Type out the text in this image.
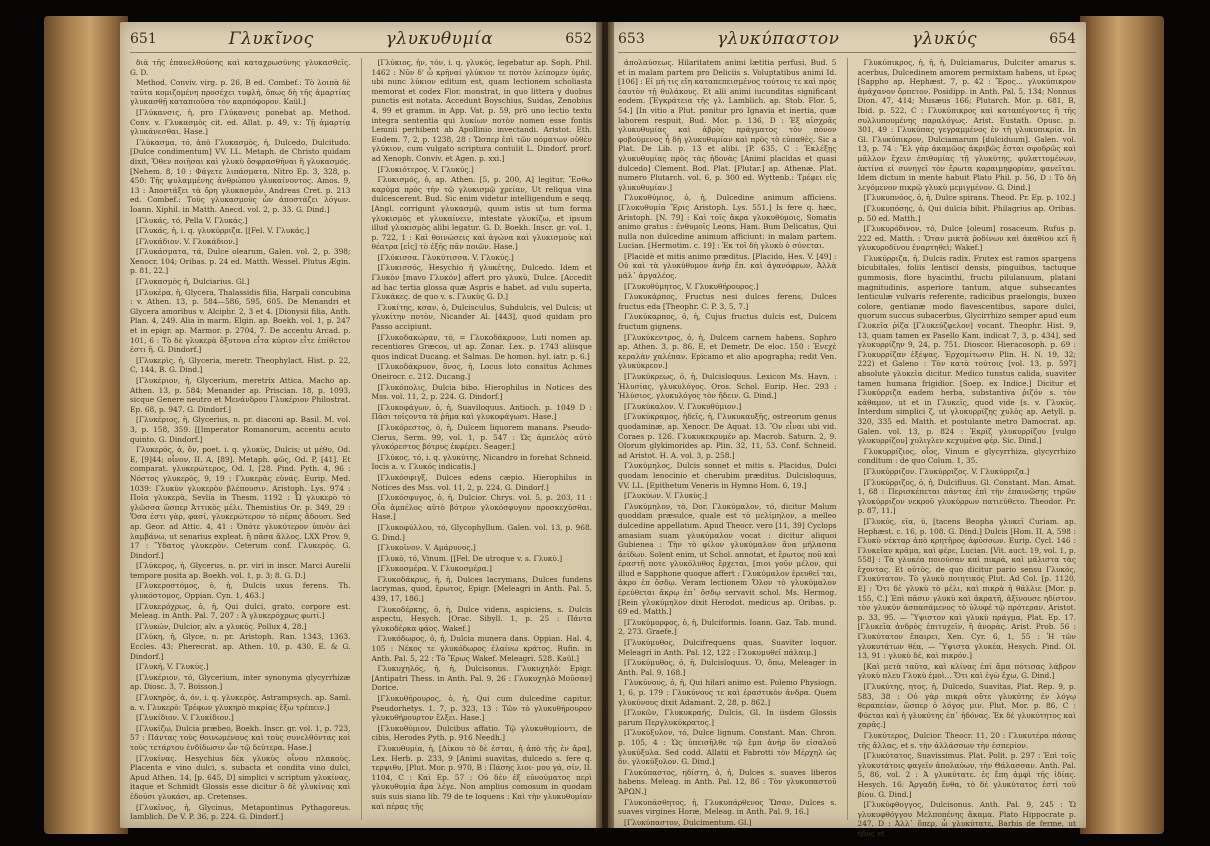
651	Γλυκῖνος	γλυκυθυμία	652

διὰ τῆς ἐπανελθούσης καὶ καταχρωσύνης γλυκασθεῖς. G. D.

Method. Conviv. virg. p. 26, B ed. Combef.: Τὸ λοιπὰ δὲ ταῦτα κομιζομένη προσέχει τυφλή, ὅπως δὴ τῆς ἁμαρτίας γλυκασθῇ καταπιοῦσα τὸν καρπόφορον. Kaül.]

[Γλύκανσις, ἡ, pro Γλύκανσις ponebat ap. Method. Conv. v. Γλυκασμὸς cit. ed. Allat. p. 49, v.: Τῇ ἁμαρτίᾳ γλυκάνεσθαι. Hase.]

Γλύκασμα, τό, ἀπὸ Γλυκασμὸς, ἡ, Dulcedo, Dulcitudo. [Dulce condimentum] VV. LL. Metaph. de Christo quidam dixit, Ὅθεν ποιῆσαι καὶ γλυκὺ ὄσφρασθῆναι ἢ γλυκασμός. [Nehem. 8, 10 : Φάγετε λιπάσματα. Nitro Ep. 3, 328, p. 450: Τῆς ψυλαμμένης ἁνθρώπου γλυκαίνοντος. Amos. 9, 13 : Ἀποστάξει τὰ ὄρη γλυκασμόν. Andreas Cret. p. 213 ed. Combef.: Τοὺς γλυκασμοὺς ὧν ἀποστάζει λόγων. Ioann. Xiphil. in Matth. Anecd. vol. 2, p. 33. G. Dind.]

[Γλυκάς, τό, Pella V. Γλυκάς.]

[Γλυκάς, ἡ, i. q. γλυκύρριζα. [[Fel. V. Γλυκάς.]

[Γλυκάδιον. V. Γλυκάδιον.]

[Γλυκάσματα, τά, Dulce olearum, Galen. vol. 2, p. 398; Xenocr. 104; Oribas. p. 24 ed. Matth. Wessel. Plutus Ægin. p. 81, 22.]

[Γλυκασμὸς ἡ, Dulciarius. Gl.]

[Γλυκέρα, ἡ, Glycera, Thalassidis filia, Harpali concubina : v. Athen. 13, p. 584—586, 595, 605. De Menandri et Glycera amoribus v. Alciphr. 2, 3 et 4. [Dionysii filia, Anth. Plan. 4, 249. Alia in marm. Elgin. ap. Boekh. vol. 1, p. 247 et in epigr. ap. Marmor. p. 2704, 7. De accentu Arcad. p. 101, 6 : Τὸ δὲ γλυκερὰ ὄξυτονα εἶτα κύριον εἶτε ἐπίθετον ἐστι ἢ. G. Dindorf.]

[Γλυκερὶς, ἡ, Glyceria, meretr. Theophylact. Hist. p. 22, C, 144, B. G. Dind.]

[Γλυκέριον, ἡ, Glycerium, meretrix Attica. Macho ap. Athen. 13, p. 584; Menander ap. Priscian. 18, p. 1093, sicque Genere neutro et Μενάνδρου Γλυκέριον Philostrat. Ep. 68, p. 947. G. Dindorf.]

[Γλυκέριος, ἡ, Glycerius, n. pr. diaconi ap. Basil. M. vol. 3, p. 158, 359. [[Imperator Romanorum, accentu acuto quinto. G. Dindorf.]

Γλυκερὸς, ἁ, ὄν, poet. i. q. γλυκὺς, Dulcis; ut μέθυ, Od. E, [9]44; οἶνον, II. A, [89]. Metaph. φῶς, Od. P, [41]. Et comparat. γλυκερώτερος, Od. I, [28. Pind. Pyth. 4, 96 : Νόστος γλυκερὸς, 9, 19 : Γλυκερὰς εὐνάς. Eurip. Med. 1039: Γλυκὺν γλυκερὸν βλέπουσιν. Aristoph. Lys. 974 : Ποῖα γλυκερὰ, Sevlia in Thesm. 1192 : Ὦ γλυκερὸ τὸ γλῶσσα ὥσπερ Ἀττικὸς μέλι. Themistius Or. p. 349, 29 : Ὅσα ἐστι γὰρ, φασί, γλυκερώτερον τὸ πέρας ἄδουσι. Sed ap. Geor. ad Attic. 4, 41 : Ὁπότε γλυκύτερον ὑπνὸν ἀεὶ λαμβάνω, ut senarius expleat. ἢ πᾶσα ἄλλος. LXX Prov. 9, 17 : Ὕδατος γλυκερὸν. Ceterum conf. Γλυκερὸς. G. Dindorf.]

[Γλύκερος, ἡ, Glycerus, n. pr. viri in inscr. Marci Aurelii tempore posita ap. Boekh. vol. 1, p. 3; 8. G. D.]

[Γλυκεροστόμος, ὁ, ἡ, Dulcis uxus ferens. Th. γλυκόστομος, Oppian. Cyn. 1, 463.]

[Γλυκερόχρως, ὁ, ἡ, Qui dulci, grato, corpore est. Meleag. in Anth. Pal. 7, 207 : Ἀ γλυκερόχρως φωτί.]

[Γλυκών, Dulcior, alv. a γλυκύς. Pollux 4, 28.]

[Γλύκη, ἡ, Glyce, n. pr. Aristoph. Ran. 1343, 1363. Eccles. 43; Pherecrat. ap. Athen. 10, p. 430, E. & G. Dindorf.]

[Γλυκή, V. Γλυκύς.]

[Γλυκέριον, τό, Glycerium, inter synonyma glycyrrhizæ ap. Diosc. 3, 7. Boisson.]

[Γλυκηρὸς, ἁ, όν, i. q. γλυκερὸς. Astrampsych. ap. Saml. a. v. Γλυκερὸ: Τρέφων γλυκηρὸ πικρίας ἔξω τρέπειν.]

[Γλυκίδιον. V. Γλυκίδιον.]

[Γλυκίζω, Dulcia præbeo, Boekh. Inscr. gr. vol. 1, p. 723, 57 : Πάντας τοὺς θοινωμένους καὶ τοὺς συνελθόντας κοὶ τοὺς τετάρτου ἐνδίδωσιν ὧν τῷ δεύτερα. Hase.]

[Γλυκίνας. Hesychius δὲκ γλυκὺς οἶνου πλακοὺς. Placenta e vino dulci, s. subacta et condita vino dulci, Apud Athen. 14, [p. 645, D] simplici v scriptum γλυκίνας, itaque et Schmidt Glossis esse dicitur ὃ δὲ γλυκίνας καὶ ἐδούσι γλυκάσι, ap. Cretenses.

[Γλυκῖνος, ἡ, Glycinus, Metapontinus Pythagoreus. Iamblich. De V. P. 36, p. 224. G. Dindorf.]

[Γλύκιος, ἡν, τόν, i. q. γλυκύς, legebatur ap. Soph. Phil. 1462 : Νῦν δ' ὦ κρῆναί γλύκιον τε ποτὸν λείπομεν ὑμᾶς, ubi nunc λύκιον editum est, quam lectionem scholiasta memorat et codex Flor. monstrat, in quo littera γ duobus punctis est notata. Accedunt Boyschius, Suidas, Zenobius 4, 99 et gramm. in App. Vat. p. 59, prō uno lectio textu integra sententia qui λυκίων ποτὸν nomen esse fontis Lemnii perhibent ab Apollinio invectandi. Aristot. Eth. Eudem. 7, 2, p. 1238, 28 : Ὥσπερ ἐπὶ τῶν πόματων οὐθὲν γλύκιον, cum vulgato scriptura contulit L. Dindorf. prorf. ad Xenoph. Conviv. et Agen. p. xxi.]

[Γλυκιότερος. V. Γλυκύς.]

Γλυκισμός, ὁ, ap. Athen. [5, p. 200, A] legitur, Ἔσθω καρύμα πρὸς τὴν τῷ γλυκισμῷ χρείαν, Ut reliqua vina dulcescerent. Bud. Sic enim videtur intelligendum e seqq. [Angl. corrigunt γλυκασμῷ, quum istis ut tum forma γλυκισμὸς et γλυκαίνειν, intestate γλυκίζω, et ipsum illud γλυκισμὸς alibi legatur. G. D. Boekh. Inscr. gr. vol. 1, p. 722, 1 : Καὶ θοινώσεις καὶ ἀγώνα καὶ γλυκισμοὺς καὶ θέατρα [εἰς] τὸ ἑξῆς πᾶν ποιῶν. Hase.]

[Γλύκισσα. Γλυκύτισσα. V. Γλυκύς.]

[Γλυκισσός, Hesychio ἡ γλυκέτης, Dulcedo. Idem et Γλυκὸν [mavo Γλυκόν] affert pro γλυκὺ, Dulce. [Accedit ad hac tertia glossa quæ Aspris e habet. ad vulu superta, Γλυκάκες. de quo v. s. Γλυκὺς G. D.]

Γλυκίτης, κσαν, ὁ, Dulcisculus, Subdulcis, vel Dulcis; ut γλυκίτην ποτὸν, Nicander Al. [443], quod quidam pro Passo accipiunt.

[Γλυκοδακώραν, τό, = Γλυκοδάκρυον, Luti nomen ap. recentiores Græcos, ut ap. Zonar. Lex. p. 1743 aliisque quos indicat Ducang. et Salmas. De homon. hyl. iatr. p. 6.]

[Γλυκοδάκρυον, ὄνος, ἡ, Locus loto consitus Achmes Oneirocr. c. 212. Ducang.]

[Γλυκόπολις, Dulcia bibo. Hierophilus in Notices des Mss. vol. 11, 2, p. 224. G. Dindorf.]

[Γλυκοφάγων, ὁ, ἡ, Suaviloquus. Antioch. p. 1049 D : Πᾶσι τοῖςοντα τὰ ῥῆμα καὶ γλυκοφάγωσι. Hase.]

[Γλυκόρεστος, ὁ, ἡ, Dulcem liquorem manans. Pseudo-Clerus, Serm. 99, vol. 1, p. 547 : Ὡς ἀμπελὸς αὐτὸ γλυκόρεστος βότρυς ἐκφέρει. Seager.]

[Γλύκος, τό, i. q. γλυκύτης, Nicandro in forehat Schneid. Iocis a. v. Γλυκός indicatis.]

[Γλυκόσφιγξ, Dulces edens cæpio. Hierophilus in Notices des Mss. vol. 11, 2, p. 224. G. Dindorf.]

[Γλυκόσφυγος, ὁ, ἡ, Dulcior. Chrys. vol. 5, p. 203, 11 : Οἷα ἀμπέλος αὐτὸ βότρυν γλυκόσφυγον προσκεχύσθαι. Hase.]

[Γλυκοφύλλου, τό, Glycophyllum. Galen. vol. 13, p. 968. G. Dind.]

[Γλυκοῖνον. V. Αμάρυνος.]

[Γλυκὸ, τό, Vinum. [[Fel. De utroque v. s. Γλυκὺ.]

[Γλυκοσμέρα. V. Γλυκοσμέρα.]

Γλυκοδάκρυς, ἡ, ἡ, Dulces lacrymans, Dulces fundens lacrymas, quod, ἔρωτος, Epigr. [Meleagri in Anth. Pal. 5, 439, 17, 186.]

Γλυκοδέρκης, ὁ, ἡ, Dulce videns, aspiciens, s. Dulcis aspectu, Hesych. [Orac. Sibyll. 1, p. 25 : Πάντα γλυκοδέρκα φάος. Wakef.]

Γλυκόδωρος, ὁ, ἡ, Dulcia munera dans. Oppian. Hal. 4, 105 : Νέκος τε γλυκόδωρος ἐλαίνω κράτος. Rufin. in Anth. Pal. 5, 22 : Τὸ Ἔρως Wakef. Meleagri. 528. Kaül.]

Γλυκυχηλός, ἡ, ἡ, Dulcisonus. Γλυκυχηλὸ: Epigr. [Antipatri Thess. in Anth. Pal. 9, 26 : Γλυκυχηλὸ Μοῦσαν] Dorice.

[Γλυκυθήρουρος, ὁ, ἡ, Qui cum dulcedine capitur, Pseudorhetys. 1. 7, p. 323, 13 : Τῶν τὸ γλυκυθήρουρον γλυκυθήρουρτον ἔλξει. Hase.]

[Γλυκυθύμιον, Dulcibus affatio. Τῷ γλυκυθυμίοντι, de cibis, Herodes Pyth. p. 916 Needh.]

Γλυκυθυμία, ἡ, [Δίκου τὸ δὲ ἐσται, ἡ ἀπὸ τῆς ἐν ἄρα], Lex. Herb. p. 233, 9 [Animi suavitas, dulcedo s. fere q. τερψιθυ, [Plut. Mor. p. 970, B : Πάσης λιοι- μου γά, σίν, II. 1104, C : Καὶ Ep. 57 : Οὐ δὲν ἐξ εὐνούματος περὶ γλυκυθυμία ἄρα λέγε. Non amplius comosum in quodam suis suis siano lib. 79 de te loquens : Καὶ τὴν γλυκυθυμίαν καὶ πέρας τῆς

653	γλυκύπαστον	γλυκύς	654

ἀπολαύσεως. Hilaritatem animi lætitia perfusi, Bud. 5 et in malam partem pro Deliciis s. Voluptatibus animi Id. [106] : Εἰ μή τις εἴη καταπεπεισμένος τούτοις τε καὶ πρὸς ἑαυτὸν τῇ θυλάκους. Et alii animi iucunditas significant eodem. [Ἐγκράτεια τῆς γλ. Lamblich. ap. Stob. Flor. 5, 54.] [In vitio a Plut. ponitur pro Ignavia et inertia, quæ laborem respuit, Bud. Mor. p. 136, D : Ἐξ αἰσχρᾶς γλυκυθυμίας καὶ ἀβρὸς πράγματος τὸν πόνον φοβούμενος ἦ δὴ γλυκυθυμίαν καὶ πρὸς τὸ εὐπαθὲς. Sic a Plat. De Lib. p. 13 et alibi. [P. 635, C : Ἐκλέξῃς γλυκυθυμίας πρὸς τὰς ἡδονὰς [Animi placidas et quasi dulcedo] Clement. Bod. Plat. [Plutar.] ap. Athenæ. Plat. numero Plutarch. vol. 6, p. 300 ed. Wyttenb.: Τρέφει εἰς γλυκυθυμίαν.]

Γλυκυθύμιος, ὁ, ἡ, Dulcedine animum afficiens. [Γλυκυθυμία Ἔρις Aristoph. Lys. 551.] Is fere q. hæc, Aristoph. [N. 79] : Καὶ τοῖς ἄκρα γλυκυθύμοις, Somatis animo gratus : ἐνθυμοῖς Leons, Ham. Bum Delicatus, Qui nulla non dulcedine animum afficiunt: in malam partem. Lucian. [Hermotim. c. 19] : Ἐκ τοῖ δὴ γλυκὺ ὁ σύνεται.

[Placidè et mitis animo præditus. [Placido, Hes. V. [49] : Οὐ καὶ τὰ γλυκύθυμον ἀνὴρ ἔπ. καὶ ἀγανόφρων, Ἀλλὰ μάλ᾽ ἀργαλέος.

[Γλυκυθύμητος, V. Γλυκυθήρουρος.]

Γλυκυκάρπος, Fructus nesi dulces ferens, Dulces fructus eda [Theophr. C. P. 3, 5, 7.]

Γλυκύκαρπος, ὁ, ἡ, Cujus fructus dulcis est, Dulcem fructum gignens.

[Γλυκύκεντρος, ὁ, ἡ, Dulcem carnem habens. Sophro ap. Athen. 3, p. 86, E, et Demetr. De eloc. 150 : Ἐνεχὲ κεραλὰν χαλέπαν. Epicamo et alio apographa; redit Ven. γλυκύκρεον.]

[Γλυκύκρεως, ὁ, ἡ, Dulcisloquus. Lexicon Ms. Havn. : Ἠλυσίας, γλυκυλόγος. Oros. Schol. Eurip. Hec. 293 : Ἠλύσιος, γλυκυλόγος τὸν ἤδειν. G. Dind.]

[Γλυκύκαλον. V. Γλυκυθύμιον.]

[Γλυκύκραμος, ἡδεῖς, ἡ, Γλυκυκαυξῆς, ostreorum genus quodaminæ, ap. Xenocr. De Aquat. 13. Ὃν εἶναι ubi vid. Coraes p. 126. Γλυκυκεκρυμέν ap. Macrob. Saturn. 2, 9. Olorum glykimorides ap. Plin. 32, 11, 53. Conf. Schneid. ad Aristot. H. A. vol. 3, p. 258.]

Γλυκύμηλος, Dulcis sonnet et mitis s. Placidus, Dulci quodam lenocinio et cherubim præditus. Dulcisloquus, VV. LL. [Epithetum Veneris in Hymno Hom. 6, 19.]

[Γλυκύων. V. Γλυκὺς.]

Γλυκύμηλον, τὸ, Dor. Γλυκύμαλον, τό, dicitur Malum quoddam præsulce, quale est τὸ μελίμηλον, a melleo dulcedine appellatum. Apud Theocr. vero [11, 39] Cyclops amasiam suam γλυκύμαλον vocat : dicitur aliquoi Gubienea : Τὴν τὸ φίλον γλυκύμαλον ἄνα μήλασπα ἀείδων. Solent enim, ut Schol. annotat, et ἔρωτος ποῦ καὶ ἐραστῆ ποτε γλυκόλυθος ἔρχεται, [πιοι γοῦν μέλον, qui illud e Sapphone quoque affert : Γλυκύμαλον ἐρευθεῖ ται, ἀκρο ἐπ ὄσδῳ. Veram lectionem Ὄλον τὸ γλυκύμαλον ἐρεύθεται ἄκρῳ ἐπ᾽ ὄσδῳ servavit schol. Ms. Hermog. [Rein γλυκύμηλον dixit Herodot. medicus ap. Oribas. p. 69 ed. Matth.]

[Γλυκύμορφος, ὁ, ἡ, Dulciformis. Ioann. Gaz. Tab. mund. 2, 273. Graefe.]

[Γλυκύμυθος, Dulcifrequens quas, Suaviter loquor. Meleagri in Anth. Pal. 12, 122 : Γλυκυμυθεῖ πάλαιμ.]

[Γλυκύμυθος, ὁ, ἡ, Dulcisloquus. Ὁ, ὅπω, Meleager in Anth. Pal. 9, 168.]

Γλυκύνους, ὁ, ἡ, Qui hilari animo est. Polemo Physiogn. 1, 6, p. 179 : Γλυκύνους τε καὶ ἐραστικὸν ἀνδρα. Quem γλυκύνους dixit Adamant. 2, 28, p. 862.]

[Γλυκῶν, Γλυκυκραής, Dulcis, Gl. In iisdem Glossis parum Περγλυκύκρατος.]

[Γλυκύξυλον, τό, Dulce lignum. Constant. Man. Chron. p. 105, 4 : Ὡς ὑπεισῆλθε τῷ ἔμπ ἀνὴρ ὃν εἰσαλοῦ γλυκύξυλα. Sed codd. Allatii et Fabrotti τὸν Μέρχηλ ὡς ὅν. γλυκύξυλον. G. Dind.]

Γλυκύπαστος, ηδίστη, ὁ, ἡ, Dulces s. suaves liberos habens. Meleag. in Anth. Pal. 12, 86 : Τὸν γλυκυπαστοῦ ἍΡΩΝ.]

Γλυκυπάσθητος, ἡ, Γλυκυπάρθενος Ὥσαν, Dulces s. suaves virgines Horæ, Meleag. in Anth. Pal. 9, 16.]

[Γλυκύπαστον, Dulcimentum. Gl.]

Γλυκύπικρος, ἡ, ἡ, ἡ, Dulciamarus, Dulciter amarus s. acerbus, Dulcedinem amorem permixtam habens, ut ἔρως [Sappho ap. Hephæst. 7, p. 42 : Ἔρος... γλυκύπικρον ἀμάχανον ὄρπετον. Posidipp. in Anth. Pal. 5, 134; Nonnus Dion. 47, 414; Musæus 166; Plutarch. Mor. p. 681, B, Ibid. p. 522, C : Γλυκύπικρος καὶ καταπέγοντες ἢ τῆς συλλυπουμένης παραλόγως. Arist. Eustath. Opusc. p. 301, 49 : Γλυκύπας γεγραμμένος ἐν τῆ γλυκυπικρία. In Gl. Γλυκύπικρον, Dulciamarum [dulciduum]. Galen. vol. 13, p. 74 : Ἔλ γὰρ ἀκαμῶος ἀκριβῶς ἔσται σφοδρῶς καὶ μᾶλλον ἔχειν ἐπιθυμίας τῇ γλυκύτης, φυλαττομένων, ἀκτίνα εἰ συνηγεῖ τὸν ἔρωτα καραιμηφορίαν, φανεῖται. Idem dictum in mente habuit Plato Phil. p. 56, D : Τὸ δὴ λεγόμενον πικρῷ γλυκὺ μεμιγμένον. G. Dind.]

[Γλυκυπνόος, ὁ, ἡ, Dulce spirans. Theod. Pr. Ep. p. 102.]

[Γλυκυπόσης, ὁ, Qui dulcia bibit. Philagrius ap. Oribas. p. 50 ed. Matth.]

[Γλυκυρόδινον, τό, Dulce [oleum] rosaceum. Rufus p. 222 ed. Matth. : Ὅταν μικτὰ ῥοδίνων καὶ ἀκαθίου κεῖ ἢ γλυκυροδίνου ἐναρτηθεὶ; Wakef.]

Γλυκύρριζα, ἡ, Dulcis radix. Frutex est ramos spargens bicubitales, foliis lentisci densis, pinguibus, tactuque gummosis, flore hyacinthi, fructu pilulanuum, platani magnitudinis, asperiore tantum, atque subsecantes lenticulæ vulvaris referente, radicibus praelongis, buxeo colore, gentianæ modo flavescentibus, sapore dulci, quorum succus subacerbus, Glycirrhizo semper apud eum Γλυκεῖα ῥίζα [Γλυκεύζφελον] vocant. Theophr. Hist. 9, 13, quam tamen ex Pasello Kam. indicat 7, 3, p. 434], sed γλυκυρρίζην 9, 24, p. 751. Dioscor. Hieracosoph. p. 69 : Γλυκυρρίζαν ἑξέψας. Ἐρχομίτωσιν Plin. H. N. 19, 32; 222) et Galeno : Τὸν κατὰ τούτοις [vol. 13, p. 597] absolute γλυκεῖα dicitur. Medico tunstus calida, suaviter tamen humana frigidior. [Soep. ex Indice.] Dicitur et Γλυκύρριζα eadem herba, substantiva ῥιζόν s. τὸν κάθαμον, ut et in Γλυκεῖς, quod vide [s. v. Γλυκὺς. Interdum simplici ζ, ut γλυκυρρίζης χυλὸς ap. Aetyll. p. 320, 335 ed. Matth. et postulante metro Damocrat. ap. Galen. vol. 13, p. 824 : Ἐκρίζ γλυκυρρίζου [vulgo γλυκυρρίζου] χυλιγλεν κεχυμένα φέρ. Sic. Dind.]

Γλυκυρρίζιος, οἶος, Vinum e glycyrrhiza, glycyrrhizo conditum : de quo Colum. 1, 35.

[Γλυκύρριζον. Γλυκύρριζος. V. Γλυκύρριζα.]

[Γλυκύρριζος, ὁ, ἡ, Dulcifluus. Gl. Constant. Man. Amat. 1, 68 : Περισκέπεται πάντας ἐπὶ τὴν ἐπαινῶσης τηρῶν γλυκύρριζον νεκροῦ γλυκύρρων πατιεύθετο. Theodor. Pr. p. 87, 11.]

[Γλυκύς, εῖα, ύ, [tacens Beopha γλυκεῖ Curiam. ap. Hephæst. c. 16, p. 108. G. Dind.] Dulcis [Hom. II. A, 598 : Γλυκὺ νέκταρ ἀπὸ κρητῆρος ἀφύσσων. Eurip. Cycl. 146 : Γλυκεῖαν κρᾶμα, καὶ φέρε, Lucian. [Vit. auct. 19, vol. 1, p. 558] : Τὰ γλυκέα ποιούσαν καὶ πικρά, καὶ μάλιστα τὰς ἔχοντας. Et οὐτὸς, de quo dicitur pario sensu Γλυκός, Γλυκύτατον. Τὸ γλυκὺ ποιητικός Plut. Ad Col. [p. 1120, E] : Ὅτι δὲ γλυκὺ τὸ μέλι, καὶ πικρὰ ἡ θάλλιε [Mor. p. 155, C.] Ἐπὶ πᾶσιν γλυκὺ καὶ ἀκρατῆ, ἀξίνουσε ηδίστον. τὸν γλυκύν ἀσπασάμενος τὸ ὑλυφέ τῷ πρότεραν. Aristot. p. 33, 95. — Ὕψιστον καὶ γλυκὺ πράγμα, Plat. Ep. 17. [Γλυκεῖα ἀνδρὸς ἐπιτυχεῖν, ἢ ἀνορὰς. Arist. Prob. 56 : Γλυκύτατον ἔπαιρει, Xen. Cyr. 6, 1, 55 : Ἡ τῶν γλυκυτάτων θέα, — Ὕψιστα γλυκέα, Hesych. Pind. Ol. 13, 91 : γλυκὺ δέ, καὶ πικρόν.]

[Καὶ μετὰ ταῦτα, καὶ κλίνας ἐπί ἄμα πότισας λάβρον γλυκὺ πλευ Γλυκὺ ἐμοὶ... Ὄτι καὶ ἐγὼ ἔχω, G. Dind.]

[Γλυκύτης, ητος, ἡ, Dulcedo, Suavitas, Plat. Rep. 9, p. 583, 38 : Οὐ γὰρ πικρὰ οὔτε γλυκύτης ἐν λόγῳ θεραπείαν, ὥσπερ ὁ λόγος μιν. Plut. Mor. p. 86, C : Φύεται καὶ ἡ γλυκύτης ἐπ᾽ ἡδόνας. Ἐκ δὲ γλυκύτητος καὶ χαρᾶς.]

Γλυκύτερος, Dulcior. Theocr. 11, 20 : Γλυκυτέρα πάσας τῆς ἄλλας, et s. τὴν ἀλλάσσων τὴν ἐσπερίον.

[Γλυκύτατος, Suavissimus. Plat. Polit. p. 297 : Ἐπὶ τοῖς γλυκυτάτοις φαγεῖν ἀπολαύων, τὴν Θάλασσαν. Anth. Pal. 5, 86, vol. 2 : Ἁ γλυκύτατε. ἐς ἔπη ἀμφὶ τῆς ἰδίας. Hesych. 16: Ἀργαδὴ ἔνθα, τὸ δὲ γλυκύτατος ἐστὶ τοῦ βίου. G. Dind.]

[Γλυκύφθογγος, Dulcisonus. Anth. Pal. 9, 245 : Ὤ γλυκυφθόγγου Μελποπένης ἄκαμα. Plato Hippocrate p. 247, D : Ἀλλ᾽ ὅπερ, ὦ γλυκύτατε, Barbis de ferme, ut ἡδὺς et
